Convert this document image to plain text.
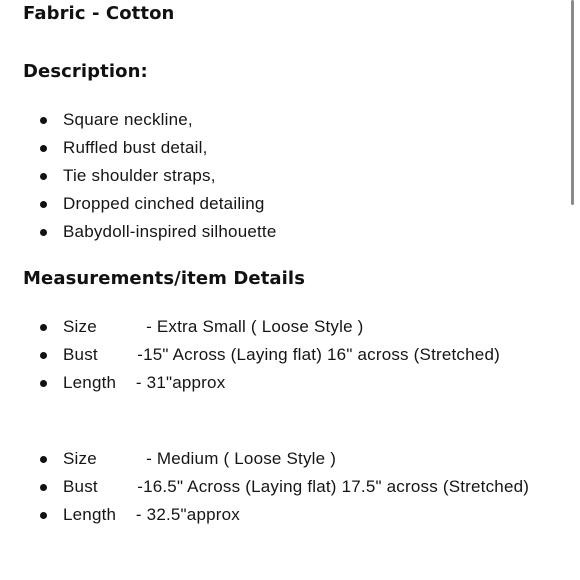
Fabric - Cotton
Description:
Square neckline,
Ruffled bust detail,
Tie shoulder straps,
Dropped cinched detailing
Babydoll-inspired silhouette
Measurements/item Details
Size          - Extra Small ( Loose Style )
Bust        -15" Across (Laying flat) 16" across (Stretched)
Length    - 31"approx
Size          - Medium ( Loose Style )
Bust        -16.5" Across (Laying flat) 17.5" across (Stretched)
Length    - 32.5"approx
